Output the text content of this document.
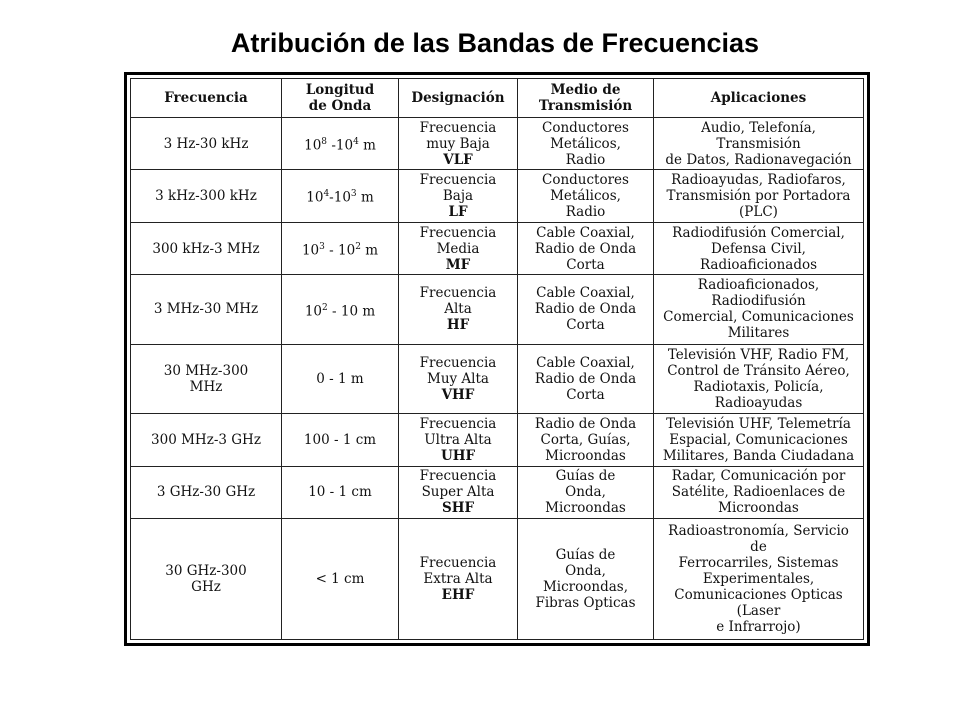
Atribución de las Bandas de Frecuencias
Frecuencia	Longitud
de Onda	Designación	Medio de
Transmisión	Aplicaciones

3 Hz-30 kHz	$10^8$ $-10^4$ m	Frecuencia
muy Baja
VLF	Conductores
Metálicos,
Radio	Audio, Telefonía, Transmisión
de Datos, Radionavegación

3 kHz-300 kHz	$10^4-10^3$ m	Frecuencia
Baja
LF	Conductores
Metálicos,
Radio	Radioayudas, Radiofaros,
Transmisión por Portadora
(PLC)

300 kHz-3 MHz	$10^3 - 10^2$ m	Frecuencia
Media
MF	Cable Coaxial,
Radio de Onda
Corta	Radiodifusión Comercial,
Defensa Civil, Radioaficionados

3 MHz-30 MHz	$10^2 - 10$ m	Frecuencia
Alta
HF	Cable Coaxial,
Radio de Onda
Corta	Radioaficionados, Radiodifusión
Comercial, Comunicaciones
Militares

30 MHz-300
MHz	0 - 1 m	Frecuencia
Muy Alta
VHF	Cable Coaxial,
Radio de Onda
Corta	Televisión VHF, Radio FM,
Control de Tránsito Aéreo,
Radiotaxis, Policía, Radioayudas

300 MHz-3 GHz	100 - 1 cm	Frecuencia
Ultra Alta
UHF	Radio de Onda
Corta, Guías,
Microondas	Televisión UHF, Telemetría
Espacial, Comunicaciones
Militares, Banda Ciudadana

3 GHz-30 GHz	10 - 1 cm	Frecuencia
Super Alta
SHF	Guías de
Onda,
Microondas	Radar, Comunicación por
Satélite, Radioenlaces de
Microondas

30 GHz-300
GHz	< 1 cm	Frecuencia
Extra Alta
EHF	Guías de
Onda,
Microondas,
Fibras Opticas	Radioastronomía, Servicio de
Ferrocarriles, Sistemas
Experimentales,
Comunicaciones Opticas (Laser
e Infrarrojo)
